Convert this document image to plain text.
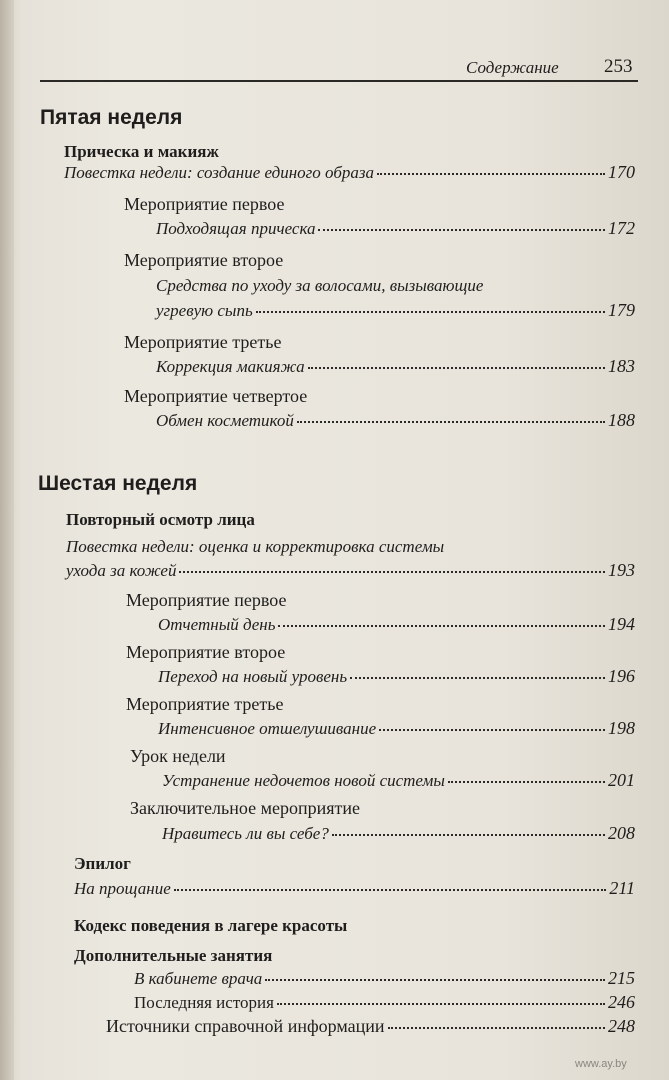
Содержание 253
Пятая неделя
Прическа и макияж
Повестка недели: создание единого образа	170
Мероприятие первое
Подходящая прическа	172
Мероприятие второе
Средства по уходу за волосами, вызывающие
угревую сыпь	179
Мероприятие третье
Коррекция макияжа	183
Мероприятие четвертое
Обмен косметикой	188
Шестая неделя
Повторный осмотр лица
Повестка недели: оценка и корректировка системы
ухода за кожей	193
Мероприятие первое
Отчетный день	194
Мероприятие второе
Переход на новый уровень	196
Мероприятие третье
Интенсивное отшелушивание	198
Урок недели
Устранение недочетов новой системы	201
Заключительное мероприятие
Нравитесь ли вы себе?	208
Эпилог
На прощание	211
Кодекс поведения в лагере красоты
Дополнительные занятия
В кабинете врача	215
Последняя история	246
Источники справочной информации	248
www.ay.by
